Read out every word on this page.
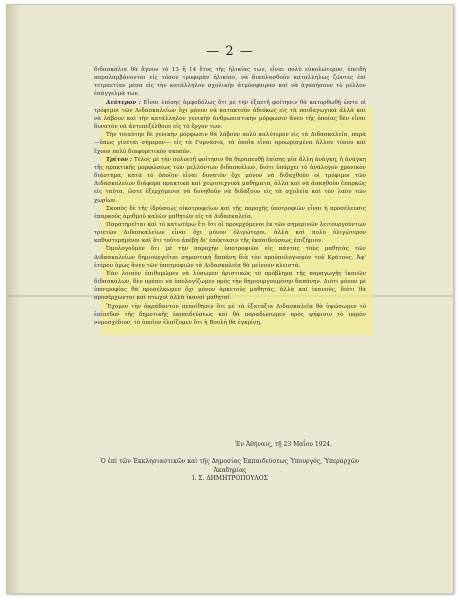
— 2 —

διδασκάλια θὰ ἄγουν τὸ 13 ἢ 14 ἔτος τῆς ἡλικίας των, εἶναι πολὺ εὐκολώτερον, ἐπειδὴ παραλαμβάνονται εἰς τόσον τρυφερὰν ἡλικίαν, νὰ διαπλασθοῦν καταλλήλως ζῶντες ἐπὶ τετραετίαν μέσα εἰς τὴν κατάλληλον σχολικὴν ἀτμόσφαιραν καὶ νὰ ἀγαπήσουν τὸ μέλλον ἐπάγγελμά των.

Δεύτερον : Εἶναι ἐπίσης ἀμφοδόλως ὅτι μὲ τὴν ἐξαετῆ φοίτησιν θὰ κατορθωθῇ ὥστε οἱ τρόφιμοι τῶν Διδασκαλείων ὄχι μόνον νὰ κατακτοῦν ἀδιόκως εἰς τὰ παιδαγωγικὰ ἀλλὰ καὶ νὰ λάβουν καὶ τὴν κατάλληλον γενικὴν ἀνθρωπιστικὴν μόρφωσιν ἄνευ τῆς ὁποίας δὲν εἶναι δυνατὸν νὰ ἀντεπεξέλθουν εἰς τὸ ἔργον των.

Τὴν τοιαύτην δὲ γενικὴν μόρφωσιν θὰ λάβουν πολὺ καλύτερον εἰς τὰ Διδασκαλεῖα, παρὰ —ὅπως γίνεται σήμερον— εἰς τὰ Γυμνάσια, τὰ ὁποῖα εἶναι προωρισμένα ἄλλου τύπου καὶ ἔχουν πολὺ διαφορετικὸν σκοπόν.

Τρίτον : Τέλος μὲ τὴν πολυετῆ φοίτησιν θὰ θεραπευθῇ ἐπίσης μία ἄλλη ἀνάγκη, ἡ ἀνάγκη τῆς πρακτικῆς μορφώσεως τῶν μελλόντων διδασκάλων, διότι ὑπάρχει τὸ ἀνάλογον χρονικὸν διάστημα, κατὰ τὸ ὁποῖον εἶναι δυνατὸν ὄχι μόνον νὰ διδαχθοῦν οἱ τρόφιμοι τῶν Διδασκαλείων διάφορα πρακτικὰ καὶ χειροτεχνικὰ μαθήματα, ἀλλὰ καὶ νὰ ἀσκηθοῦν ἐπαρκῶς εἰς ταῦτα, ὥστε ἐξερχόμενοι νὰ δυνηθοῦν νὰ διδάξουν εἰς τὰ σχολεῖα καὶ τὸν λαὸν τῶν χωρίων.

Σκοπὸς δὲ τῆς ἱδρύσεως οἰκοτροφείων καὶ τῆς παροχῆς ὑποτροφιῶν εἶναι ἡ προσέλευσις ἐπαρκοῦς ἀριθμοῦ καλῶν μαθητῶν εἰς τὰ Διδασκαλεῖα.

Παρατηρεῖται καὶ τὸ κατωτέρω ἔτι ὅτι οἱ προερχόμενοι ἐκ τῶν σημερινῶν λειτουργούντων τριετῶν Διδασκαλείων εἶναι ὄχι μόνον ὀλιγώτεροι, ἀλλὰ καὶ πολὺ ὀλιγώτερον καθυστερημένοι καὶ ὅτι τοῦτο ἀπέβη δι' ἐπέκτασιν τῆς ἐκπαιδεύσεως ἐπιζήμιον.

Ὁμολογοῦμεν ὅτι μὲ τὴν παροχὴν ὑποτροφιῶν εἰς πάντας τοὺς μαθητὰς τῶν Διδασκαλείων δημιουργεῖται σημαντικὴ δαπάνη διὰ τὸν προϋπολογισμὸν τοῦ Κράτους. Ἀφ' ἑτέρου ὅμως ἄνευ τῶν ὑποτροφιῶν τὰ Διδασκαλεῖα θὰ μείνουν κλειστά.

Ἐὰν λοιπὸν ἐπιθυμῶμεν νὰ λύσωμεν ὁριστικῶς τὸ πρόβλημα τῆς παραγωγῆς ἱκανῶν διδασκάλων, δὲν πρέπει νὰ ὑπολογίζωμεν πρὸς τὴν δημιουργουμένην δαπάνην. Διότι μόνον μὲ ὑποτροφίας θὰ προσέλκωμεν ὄχι μόνον ἀρκετοὺς μαθητάς, ἀλλὰ καὶ ἱκανούς, διότι θὰ προσέρχωνται καὶ πτωχοὶ ἀλλὰ ἱκανοὶ μαθηταί.

Ἔχομεν τὴν ἀκράδαντον πεποίθησιν ὅτι μὲ τὰ ἑξατάξια Διδασκαλεῖα θὰ ὑψώσωμεν τὸ ἐπίπεδον τῆς δημοτικῆς ἐκπαιδεύσεως καὶ θὰ παραδώσωμεν πρὸς ψήφισιν τὸ παρὸν νομοσχέδιον, τὸ ὁποῖον ἐλπίζομεν ὅτι ἡ Βουλὴ θὰ ἐγκρίνῃ.

Ἐν Ἀθήναις, τῇ 23 Μαΐου 1924.
Ὁ ἐπὶ τῶν Ἐκκλησιαστικῶν καὶ τῆς Δημοσίας Ἐκπαιδεύσεως Ὑπουργός, Ὑπεραρχῶν Ἀκαδημίας
Ι. Σ. ΔΗΜΗΤΡΟΠΟΥΛΟΣ
